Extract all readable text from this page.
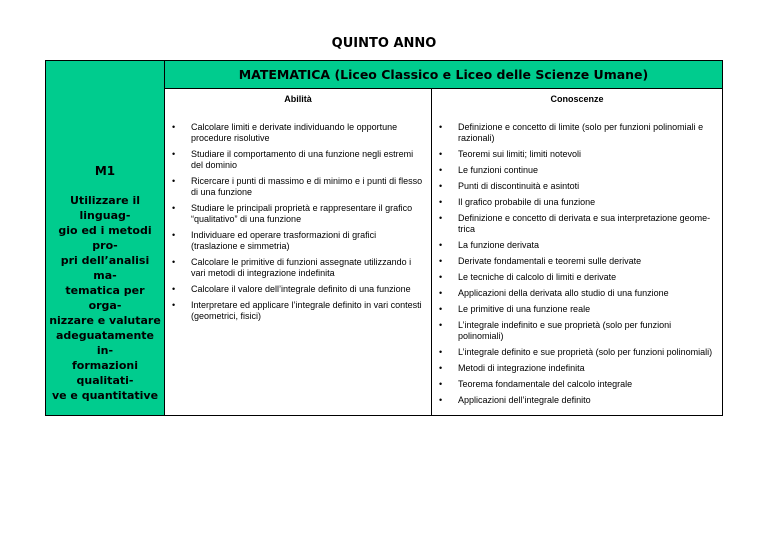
QUINTO ANNO
M1
Utilizzare il linguag-
gio ed i metodi pro-
pri dell’analisi ma-
tematica per orga-
nizzare e valutare
adeguatamente in-
formazioni qualitati-
ve e quantitative
MATEMATICA (Liceo Classico e Liceo delle Scienze Umane)
Abilità
• Calcolare limiti e derivate individuando le opportune procedure risolutive
• Studiare il comportamento di una funzione negli estremi del dominio
• Ricercare i punti di massimo e di minimo e i punti di flesso di una funzione
• Studiare le principali proprietà e rappresentare il grafico “qualitativo” di una funzione
• Individuare ed operare trasformazioni di grafici (traslazione e simmetria)
• Calcolare le primitive di funzioni assegnate utilizzando i vari metodi di integrazione indefinita
• Calcolare il valore dell’integrale definito di una funzione
• Interpretare ed applicare l’integrale definito in vari contesti (geometrici, fisici)
Conoscenze
• Definizione e concetto di limite (solo per funzioni polinomiali e razionali)
• Teoremi sui limiti; limiti notevoli
• Le funzioni continue
• Punti di discontinuità e asintoti
• Il grafico probabile di una funzione
• Definizione e concetto di derivata e sua interpretazione geome-trica
• La funzione derivata
• Derivate fondamentali e teoremi sulle derivate
• Le tecniche di calcolo di limiti e derivate
• Applicazioni della derivata allo studio di una funzione
• Le primitive di una funzione reale
• L’integrale indefinito e sue proprietà (solo per funzioni polinomiali)
• L’integrale definito e sue proprietà (solo per funzioni polinomiali)
• Metodi di integrazione indefinita
• Teorema fondamentale del calcolo integrale
• Applicazioni dell’integrale definito
